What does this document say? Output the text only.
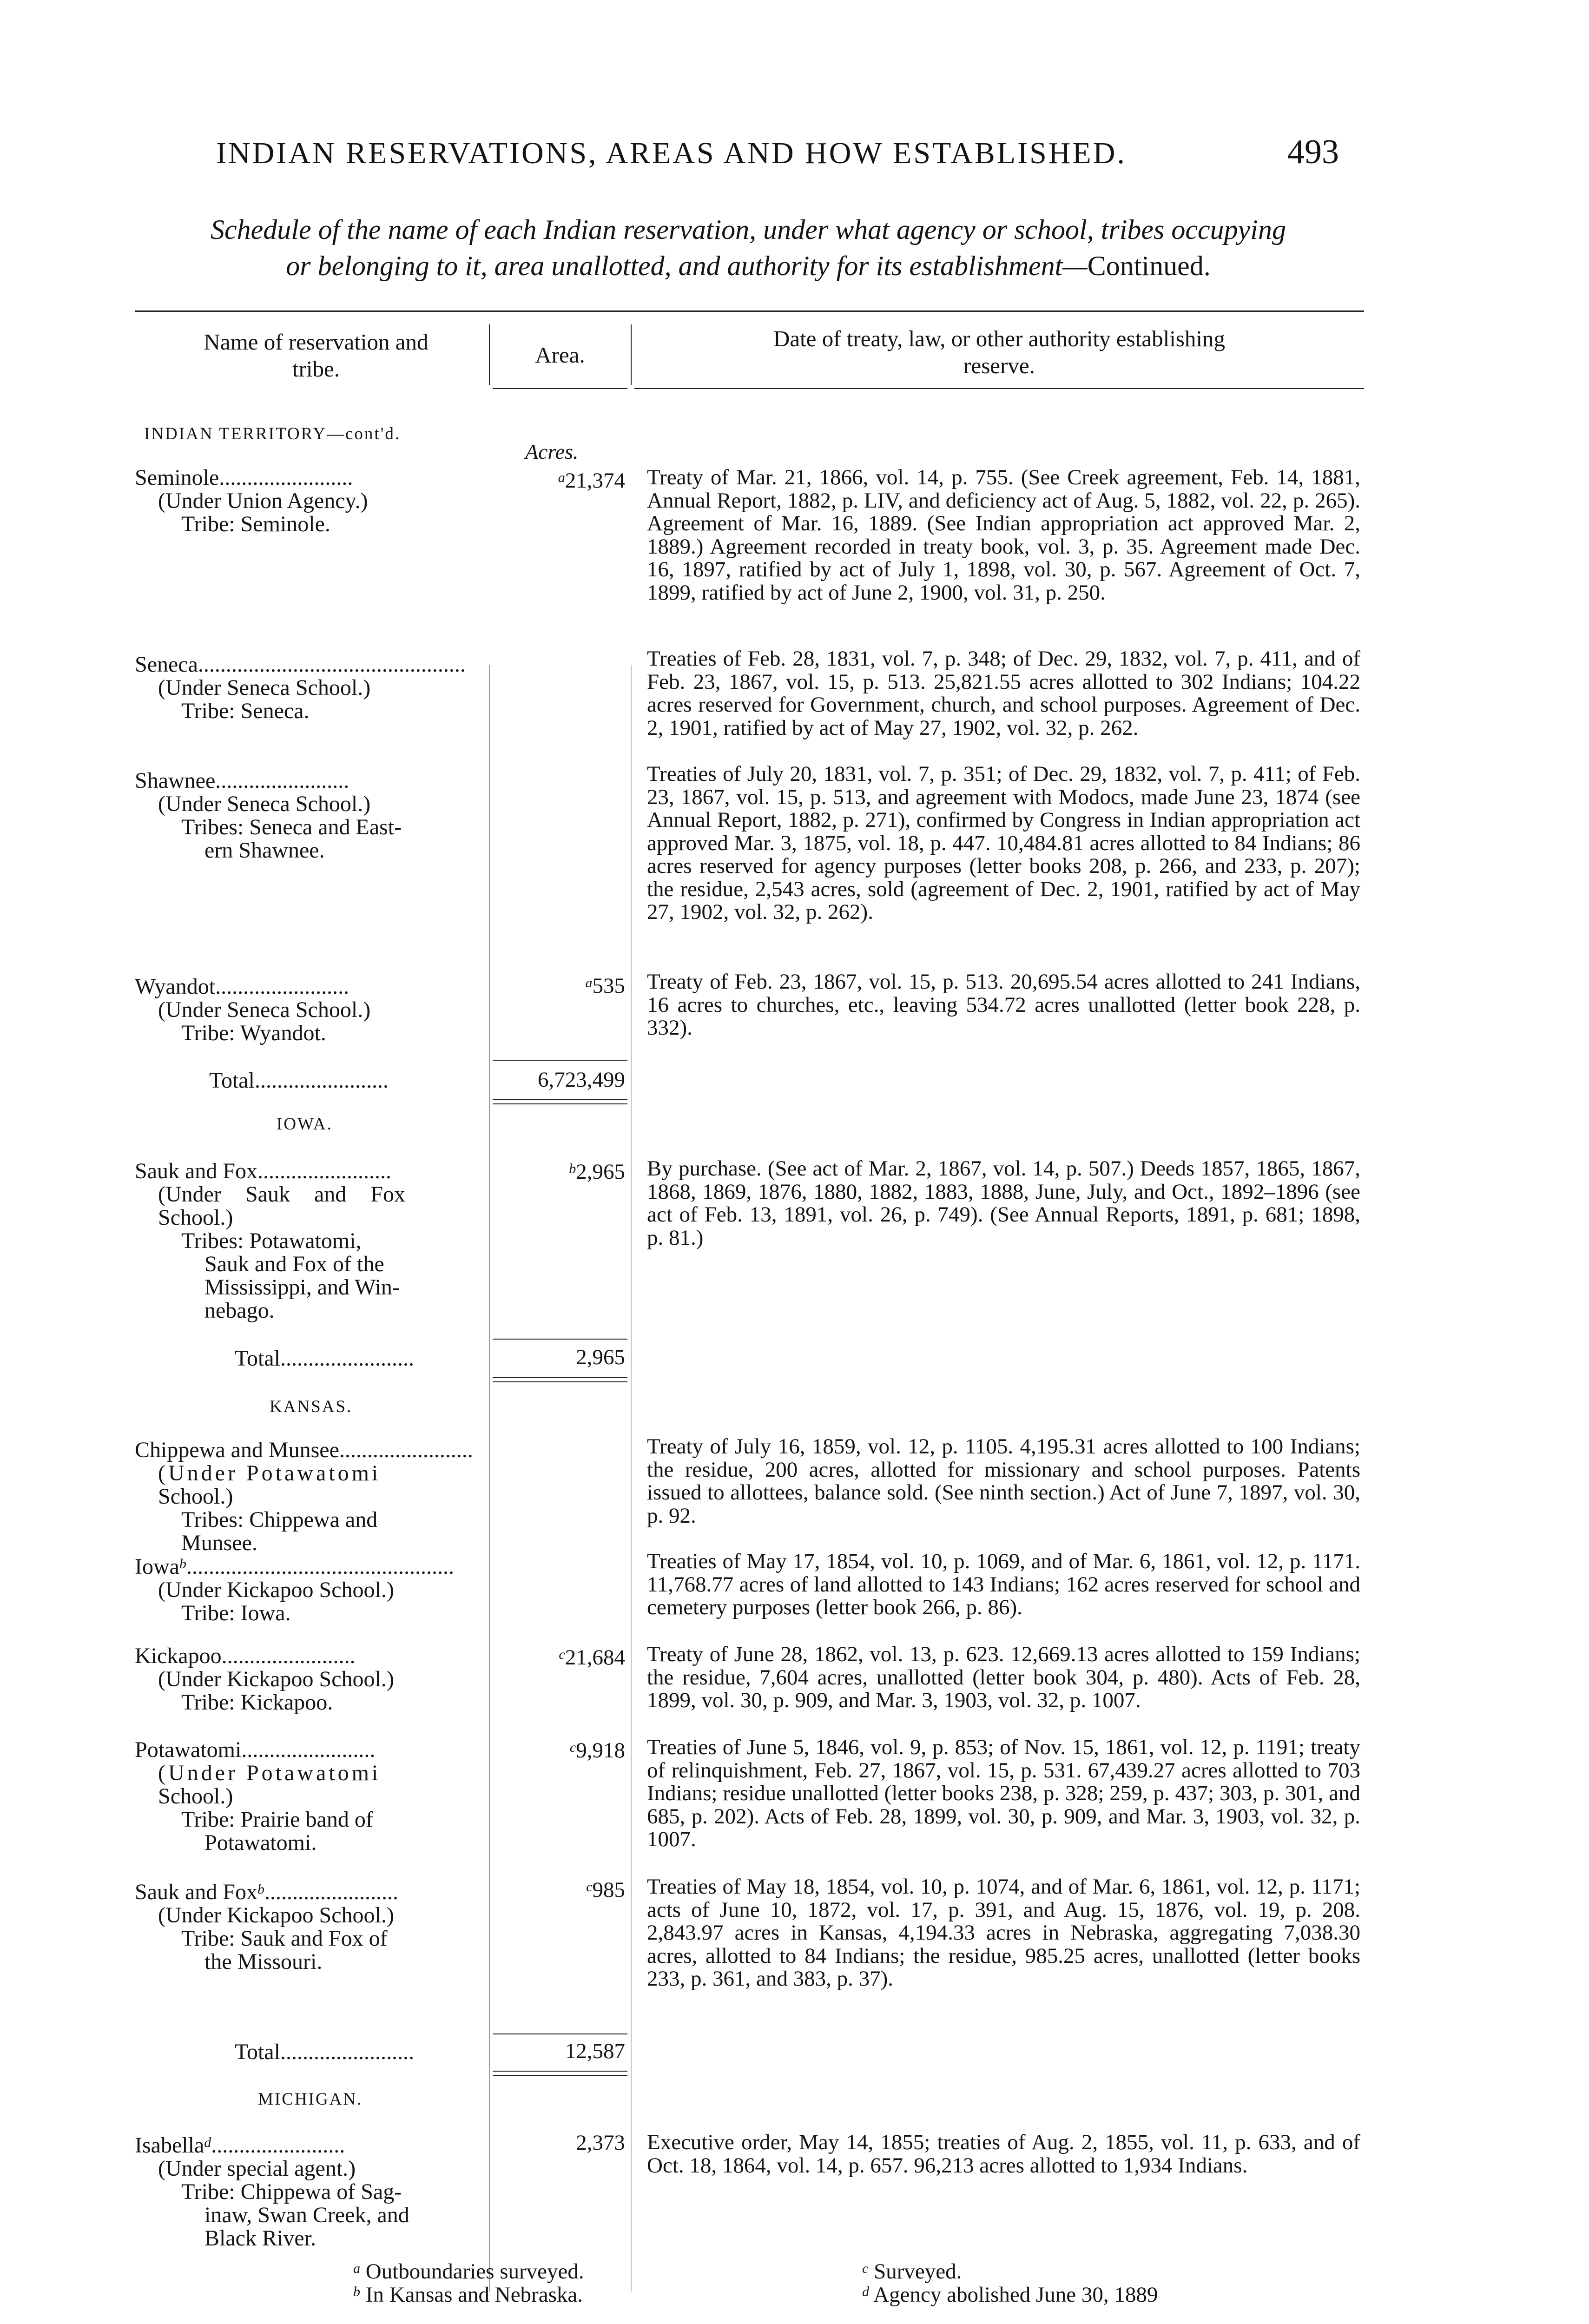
INDIAN RESERVATIONS, AREAS AND HOW ESTABLISHED.	493
Schedule of the name of each Indian reservation, under what agency or school, tribes occupying
or belonging to it, area unallotted, and authority for its establishment—Continued.
Name of reservation and
tribe.
Area.
Date of treaty, law, or other authority establishing
reserve.
INDIAN TERRITORY—cont'd.
Acres.
Seminole........................
(Under Union Agency.)
Tribe: Seminole.
$^a$21,374 Treaty of Mar. 21, 1866, vol. 14, p. 755. (See Creek agreement, Feb. 14, 1881, Annual Report, 1882, p. LIV, and deficiency act of Aug. 5, 1882, vol. 22, p. 265). Agreement of Mar. 16, 1889. (See Indian appropriation act approved Mar. 2, 1889.) Agreement recorded in treaty book, vol. 3, p. 35. Agreement made Dec. 16, 1897, ratified by act of July 1, 1898, vol. 30, p. 567. Agreement of Oct. 7, 1899, ratified by act of June 2, 1900, vol. 31, p. 250.
Seneca................................................
(Under Seneca School.)
Tribe: Seneca.
Treaties of Feb. 28, 1831, vol. 7, p. 348; of Dec. 29, 1832, vol. 7, p. 411, and of Feb. 23, 1867, vol. 15, p. 513. 25,821.55 acres allotted to 302 Indians; 104.22 acres reserved for Government, church, and school purposes. Agreement of Dec. 2, 1901, ratified by act of May 27, 1902, vol. 32, p. 262.
Shawnee........................
(Under Seneca School.)
Tribes: Seneca and East-
ern Shawnee.
Treaties of July 20, 1831, vol. 7, p. 351; of Dec. 29, 1832, vol. 7, p. 411; of Feb. 23, 1867, vol. 15, p. 513, and agreement with Modocs, made June 23, 1874 (see Annual Report, 1882, p. 271), confirmed by Congress in Indian appropriation act approved Mar. 3, 1875, vol. 18, p. 447. 10,484.81 acres allotted to 84 Indians; 86 acres reserved for agency purposes (letter books 208, p. 266, and 233, p. 207); the residue, 2,543 acres, sold (agreement of Dec. 2, 1901, ratified by act of May 27, 1902, vol. 32, p. 262).
Wyandot........................
(Under Seneca School.)
Tribe: Wyandot.
$^a$535 Treaty of Feb. 23, 1867, vol. 15, p. 513. 20,695.54 acres allotted to 241 Indians, 16 acres to churches, etc., leaving 534.72 acres unallotted (letter book 228, p. 332).
Total........................	6,723,499
IOWA.
Sauk and Fox........................
(Under Sauk and Fox
School.)
Tribes: Potawatomi,
Sauk and Fox of the
Mississippi, and Win-
nebago.
$^b$2,965 By purchase. (See act of Mar. 2, 1867, vol. 14, p. 507.) Deeds 1857, 1865, 1867, 1868, 1869, 1876, 1880, 1882, 1883, 1888, June, July, and Oct., 1892–1896 (see act of Feb. 13, 1891, vol. 26, p. 749). (See Annual Reports, 1891, p. 681; 1898, p. 81.)
Total........................	2,965
KANSAS.
Chippewa and Munsee........................
(Under Potawatomi
School.)
Tribes: Chippewa and
Munsee.
Treaty of July 16, 1859, vol. 12, p. 1105. 4,195.31 acres allotted to 100 Indians; the residue, 200 acres, allotted for missionary and school purposes. Patents issued to allottees, balance sold. (See ninth section.) Act of June 7, 1897, vol. 30, p. 92.
Iowa$^b$................................................
(Under Kickapoo School.)
Tribe: Iowa.
Treaties of May 17, 1854, vol. 10, p. 1069, and of Mar. 6, 1861, vol. 12, p. 1171. 11,768.77 acres of land allotted to 143 Indians; 162 acres reserved for school and cemetery purposes (letter book 266, p. 86).
Kickapoo........................
(Under Kickapoo School.)
Tribe: Kickapoo.
$^c$21,684 Treaty of June 28, 1862, vol. 13, p. 623. 12,669.13 acres allotted to 159 Indians; the residue, 7,604 acres, unallotted (letter book 304, p. 480). Acts of Feb. 28, 1899, vol. 30, p. 909, and Mar. 3, 1903, vol. 32, p. 1007.
Potawatomi........................
(Under Potawatomi
School.)
Tribe: Prairie band of
Potawatomi.
$^c$9,918 Treaties of June 5, 1846, vol. 9, p. 853; of Nov. 15, 1861, vol. 12, p. 1191; treaty of relinquishment, Feb. 27, 1867, vol. 15, p. 531. 67,439.27 acres allotted to 703 Indians; residue unallotted (letter books 238, p. 328; 259, p. 437; 303, p. 301, and 685, p. 202). Acts of Feb. 28, 1899, vol. 30, p. 909, and Mar. 3, 1903, vol. 32, p. 1007.
Sauk and Fox$^b$........................
(Under Kickapoo School.)
Tribe: Sauk and Fox of
the Missouri.
$^c$985 Treaties of May 18, 1854, vol. 10, p. 1074, and of Mar. 6, 1861, vol. 12, p. 1171; acts of June 10, 1872, vol. 17, p. 391, and Aug. 15, 1876, vol. 19, p. 208. 2,843.97 acres in Kansas, 4,194.33 acres in Nebraska, aggregating 7,038.30 acres, allotted to 84 Indians; the residue, 985.25 acres, unallotted (letter books 233, p. 361, and 383, p. 37).
Total........................	12,587
MICHIGAN.
Isabella$^d$........................
(Under special agent.)
Tribe: Chippewa of Sag-
inaw, Swan Creek, and
Black River.
2,373 Executive order, May 14, 1855; treaties of Aug. 2, 1855, vol. 11, p. 633, and of Oct. 18, 1864, vol. 14, p. 657. 96,213 acres allotted to 1,934 Indians.
$^a$ Outboundaries surveyed.
$^b$ In Kansas and Nebraska.
$^c$ Surveyed.
$^d$ Agency abolished June 30, 1889
